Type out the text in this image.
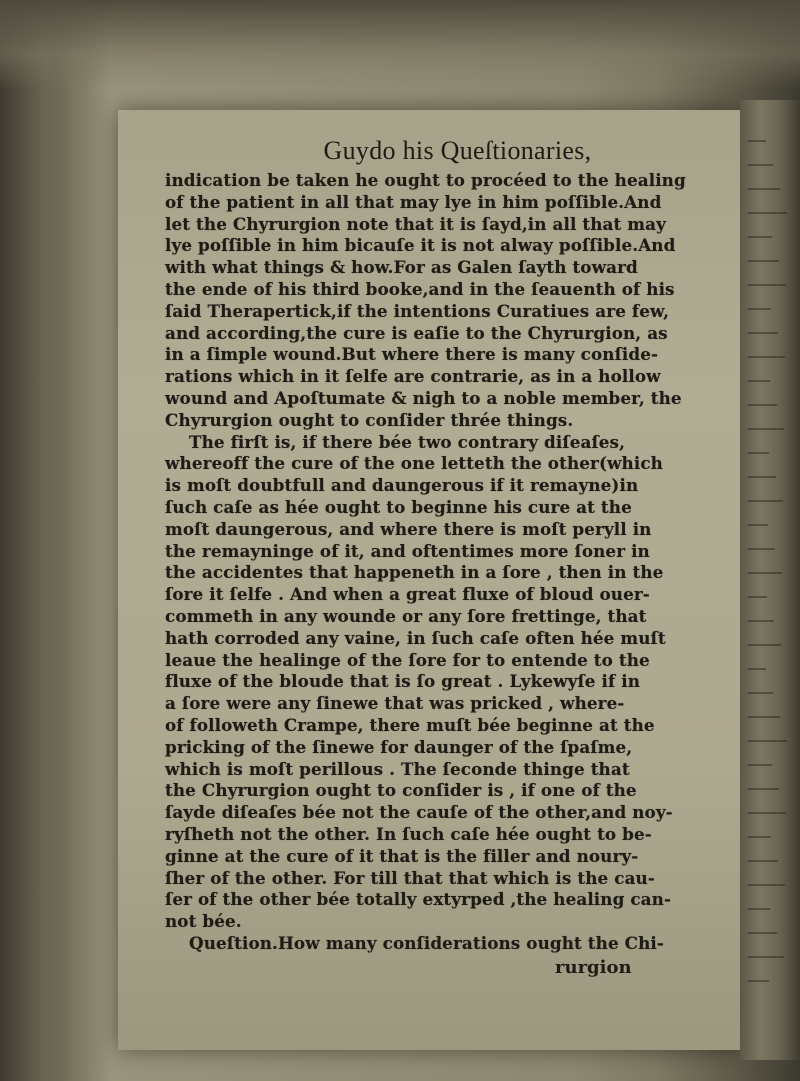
Guydo his Queſtionaries,
indication be taken he ought to procéed to the healing
of the patient in all that may lye in him poſſible.And
let the Chyrurgion note that it is ſayd,in all that may
lye poſſible in him bicauſe it is not alway poſſible.And
with what things & how.For as Galen ſayth toward
the ende of his third booke,and in the ſeauenth of his
ſaid Therapertick,if the intentions Curatiues are few,
and according,the cure is eaſie to the Chyrurgion, as
in a ſimple wound.But where there is many conſide-
rations which in it ſelfe are contrarie, as in a hollow
wound and Apoſtumate & nigh to a noble member, the
Chyrurgion ought to conſider thrée things.
The firſt is, if there bée two contrary diſeaſes,
whereoff the cure of the one letteth the other(which
is moſt doubtfull and daungerous if it remayne)in
ſuch caſe as hée ought to beginne his cure at the
moſt daungerous, and where there is moſt peryll in
the remayninge of it, and oftentimes more ſoner in
the accidentes that happeneth in a ſore , then in the
ſore it ſelfe . And when a great fluxe of bloud ouer-
commeth in any wounde or any ſore frettinge, that
hath corroded any vaine, in ſuch caſe often hée muſt
leaue the healinge of the ſore for to entende to the
fluxe of the bloude that is ſo great . Lykewyſe if in
a ſore were any ſinewe that was pricked , where-
of followeth Crampe, there muſt bée beginne at the
pricking of the ſinewe for daunger of the ſpaſme,
which is moſt perillous . The ſeconde thinge that
the Chyrurgion ought to conſider is , if one of the
ſayde diſeaſes bée not the cauſe of the other,and noy-
ryſheth not the other. In ſuch caſe hée ought to be-
ginne at the cure of it that is the filler and noury-
ſher of the other. For till that that which is the cau-
ſer of the other bée totally extyrped ,the healing can-
not bée.
Queſtion.How many conſiderations ought the Chi-
rurgion
